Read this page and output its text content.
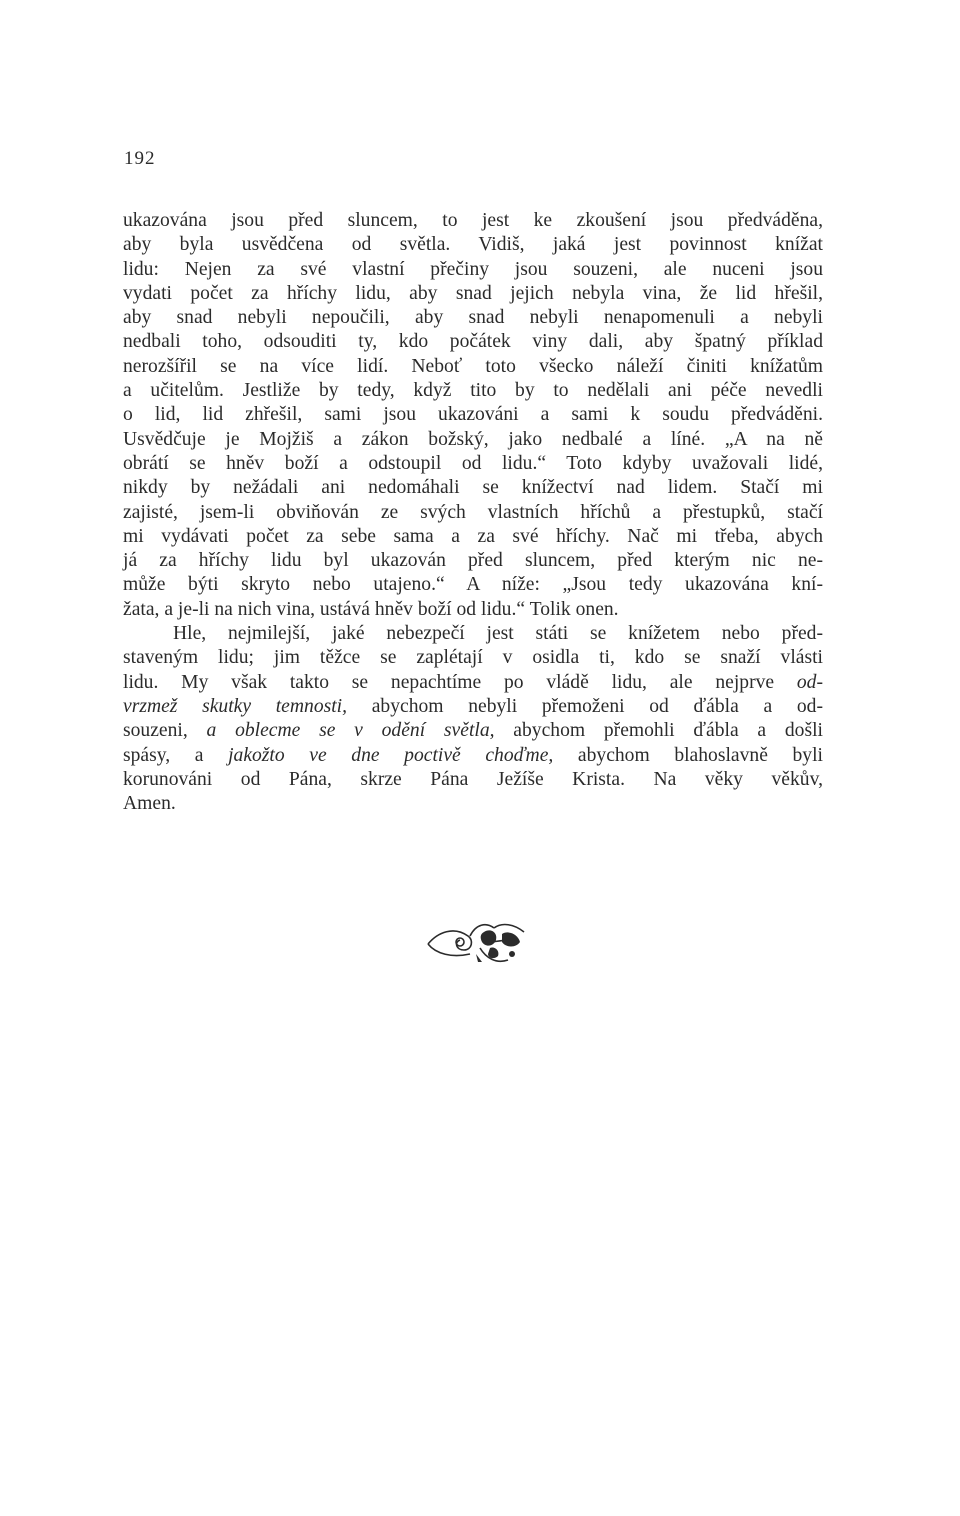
192
ukazována jsou před sluncem, to jest ke zkoušení jsou předváděna,
aby byla usvědčena od světla. Vidiš, jaká jest povinnost knížat
lidu: Nejen za své vlastní přečiny jsou souzeni, ale nuceni jsou
vydati počet za hříchy lidu, aby snad jejich nebyla vina, že lid hřešil,
aby snad nebyli nepoučili, aby snad nebyli nenapomenuli a nebyli
nedbali toho, odsouditi ty, kdo počátek viny dali, aby špatný příklad
nerozšířil se na více lidí. Neboť toto všecko náleží činiti knížatům
a učitelům. Jestliže by tedy, když tito by to nedělali ani péče nevedli
o lid, lid zhřešil, sami jsou ukazováni a sami k soudu předváděni.
Usvědčuje je Mojžiš a zákon božský, jako nedbalé a líné. „A na ně
obrátí se hněv boží a odstoupil od lidu.“ Toto kdyby uvažovali lidé,
nikdy by nežádali ani nedomáhali se knížectví nad lidem. Stačí mi
zajisté, jsem-li obviňován ze svých vlastních hříchů a přestupků, stačí
mi vydávati počet za sebe sama a za své hříchy. Nač mi třeba, abych
já za hříchy lidu byl ukazován před sluncem, před kterým nic ne-
může býti skryto nebo utajeno.“ A níže: „Jsou tedy ukazována kní-
žata, a je-li na nich vina, ustává hněv boží od lidu.“ Tolik onen.
Hle, nejmilejší, jaké nebezpečí jest státi se knížetem nebo před-
staveným lidu; jim těžce se zaplétají v osidla ti, kdo se snaží vlásti
lidu. My však takto se nepachtíme po vládě lidu, ale nejprve od-
vrzmež skutky temnosti, abychom nebyli přemoženi od ďábla a od-
souzeni, a oblecme se v odění světla, abychom přemohli ďábla a došli
spásy, a jakožto ve dne poctivě choďme, abychom blahoslavně byli
korunováni od Pána, skrze Pána Ježíše Krista. Na věky věkův,
Amen.
